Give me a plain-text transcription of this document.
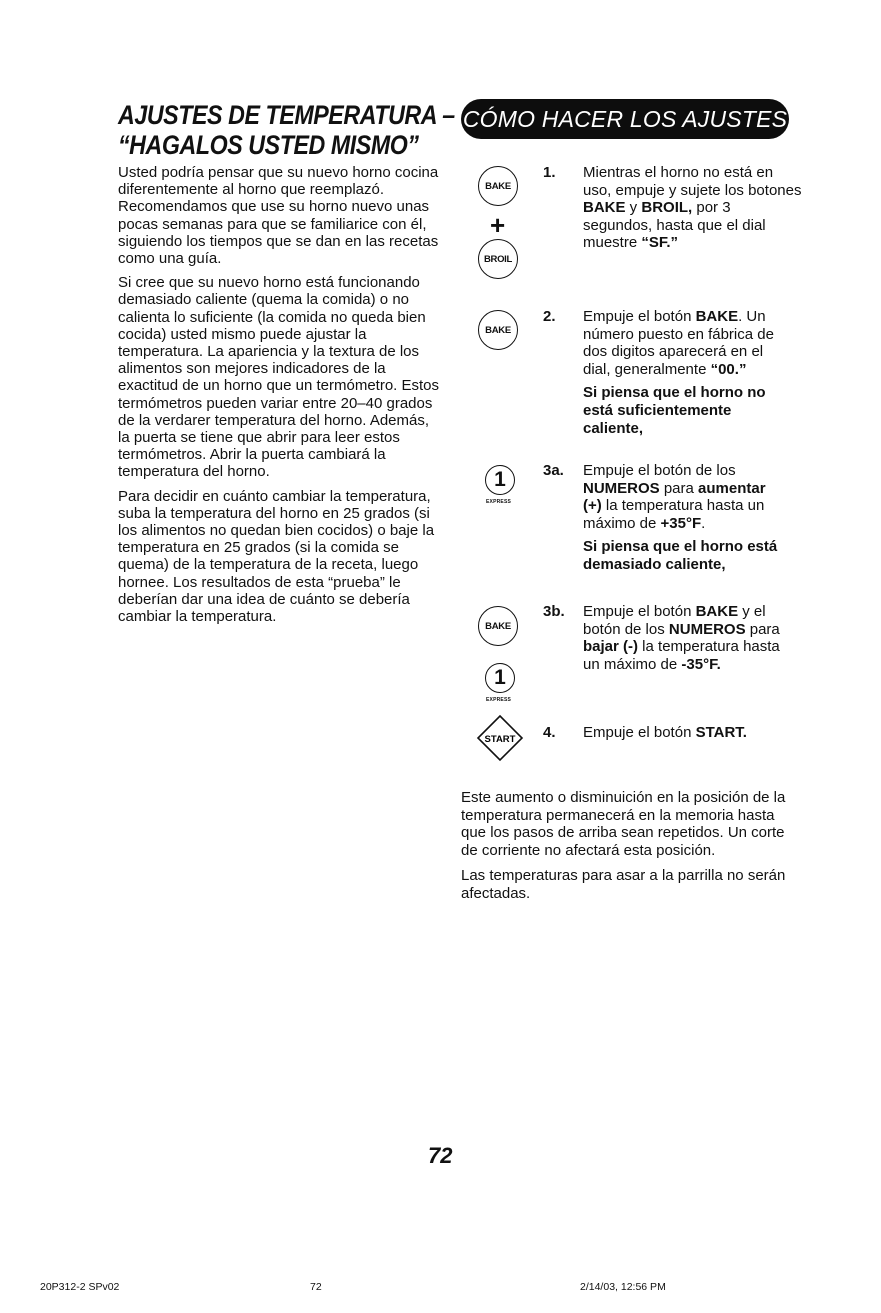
AJUSTES DE TEMPERATURA –
“HAGALOS USTED MISMO”

Usted podría pensar que su nuevo horno cocina diferentemente al horno que reemplazó. Recomendamos que use su horno nuevo unas pocas semanas para que se familiarice con él, siguiendo los tiempos que se dan en las recetas como una guía.

Si cree que su nuevo horno está funcionando demasiado caliente (quema la comida) o no calienta lo suficiente (la comida no queda bien cocida) usted mismo puede ajustar la temperatura. La apariencia y la textura de los alimentos son mejores indicadores de la exactitud de un horno que un termómetro. Estos termómetros pueden variar entre 20–40 grados de la verdarer temperatura del horno. Además, la puerta se tiene que abrir para leer estos termómetros. Abrir la puerta cambiará la temperatura del horno.

Para decidir en cuánto cambiar la temperatura, suba la temperatura del horno en 25 grados (si los alimentos no quedan bien cocidos) o baje la temperatura en 25 grados (si la comida se quema) de la temperatura de la receta, luego hornee. Los resultados de esta “prueba” le deberían dar una idea de cuánto se debería cambiar la temperatura.

CÓMO HACER LOS AJUSTES
BAKE
+
BROIL
1. Mientras el horno no está en uso, empuje y sujete los botones BAKE y BROIL, por 3 segundos, hasta que el dial muestre “SF.”
BAKE
2. Empuje el botón BAKE. Un número puesto en fábrica de dos digitos aparecerá en el dial, generalmente “00.”
Si piensa que el horno no está suficientemente caliente,
1
EXPRESS
3a. Empuje el botón de los NUMEROS para aumentar (+) la temperatura hasta un máximo de +35°F.
Si piensa que el horno está demasiado caliente,
BAKE
1
EXPRESS
3b. Empuje el botón BAKE y el botón de los NUMEROS para bajar (-) la temperatura hasta un máximo de -35°F.
START 4. Empuje el botón START.

Este aumento o disminuición en la posición de la temperatura permanecerá en la memoria hasta que los pasos de arriba sean repetidos. Un corte de corriente no afectará esta posición.

Las temperaturas para asar a la parrilla no serán afectadas.

72
20P312-2 SPv02	72	2/14/03, 12:56 PM
